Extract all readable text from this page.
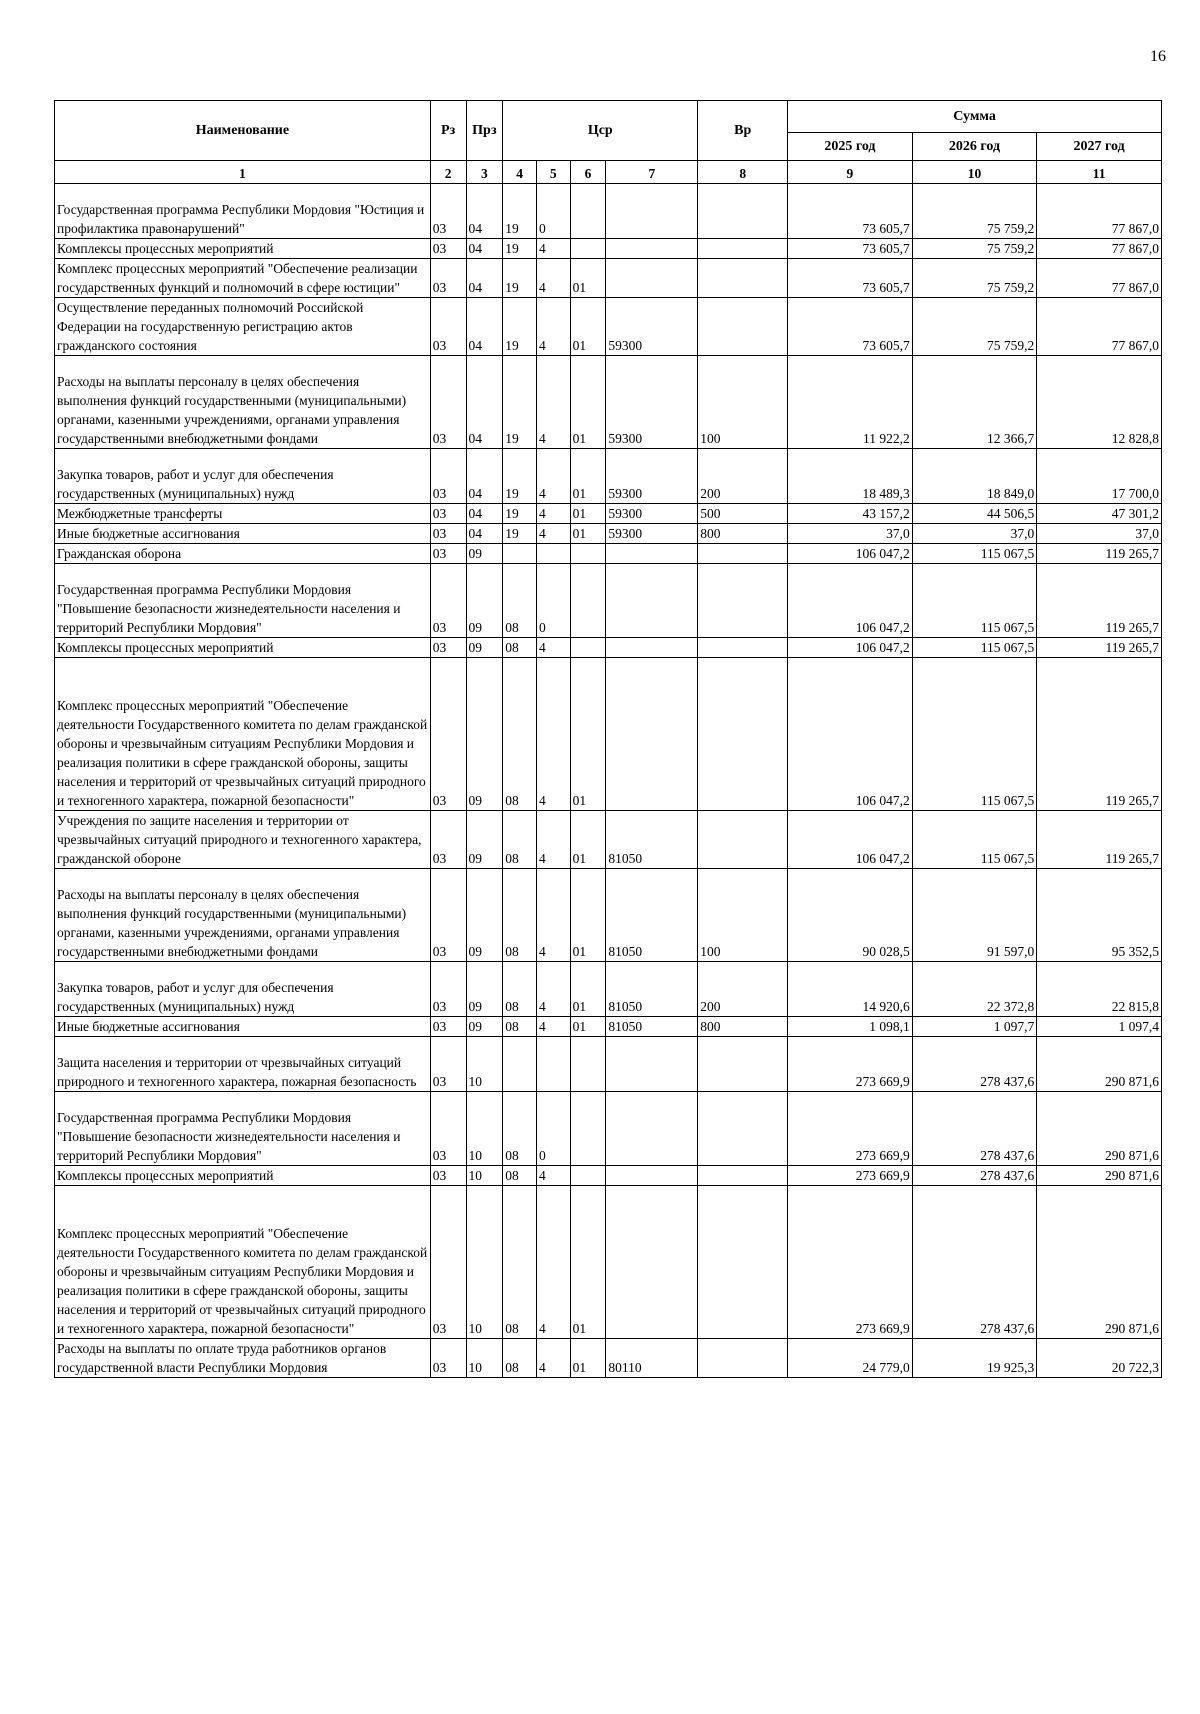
16
Наименование	Рз	Прз	Цср				Вр	Сумма		
								2025 год	2026 год	2027 год
1	2	3	4	5	6	7	8	9	10	11
Государственная программа Республики Мордовия "Юстиция и профилактика правонарушений"	03	04	19	0				73 605,7	75 759,2	77 867,0
Комплексы процессных мероприятий	03	04	19	4				73 605,7	75 759,2	77 867,0
Комплекс процессных мероприятий "Обеспечение реализации государственных функций и полномочий в сфере юстиции"	03	04	19	4	01			73 605,7	75 759,2	77 867,0
Осуществление переданных полномочий Российской Федерации на государственную регистрацию актов гражданского состояния	03	04	19	4	01	59300		73 605,7	75 759,2	77 867,0
Расходы на выплаты персоналу в целях обеспечения выполнения функций государственными (муниципальными) органами, казенными учреждениями, органами управления государственными внебюджетными фондами	03	04	19	4	01	59300	100	11 922,2	12 366,7	12 828,8
Закупка товаров, работ и услуг для обеспечения государственных (муниципальных) нужд	03	04	19	4	01	59300	200	18 489,3	18 849,0	17 700,0
Межбюджетные трансферты	03	04	19	4	01	59300	500	43 157,2	44 506,5	47 301,2
Иные бюджетные ассигнования	03	04	19	4	01	59300	800	37,0	37,0	37,0
Гражданская оборона	03	09						106 047,2	115 067,5	119 265,7
Государственная программа Республики Мордовия "Повышение безопасности жизнедеятельности населения и территорий Республики Мордовия"	03	09	08	0				106 047,2	115 067,5	119 265,7
Комплексы процессных мероприятий	03	09	08	4				106 047,2	115 067,5	119 265,7
Комплекс процессных мероприятий "Обеспечение деятельности Государственного комитета по делам гражданской обороны и чрезвычайным ситуациям Республики Мордовия и реализация политики в сфере гражданской обороны, защиты населения и территорий от чрезвычайных ситуаций природного и техногенного характера, пожарной безопасности"	03	09	08	4	01			106 047,2	115 067,5	119 265,7
Учреждения по защите населения и территории от чрезвычайных ситуаций природного и техногенного характера, гражданской обороне	03	09	08	4	01	81050		106 047,2	115 067,5	119 265,7
Расходы на выплаты персоналу в целях обеспечения выполнения функций государственными (муниципальными) органами, казенными учреждениями, органами управления государственными внебюджетными фондами	03	09	08	4	01	81050	100	90 028,5	91 597,0	95 352,5
Закупка товаров, работ и услуг для обеспечения государственных (муниципальных) нужд	03	09	08	4	01	81050	200	14 920,6	22 372,8	22 815,8
Иные бюджетные ассигнования	03	09	08	4	01	81050	800	1 098,1	1 097,7	1 097,4
Защита населения и территории от чрезвычайных ситуаций природного и техногенного характера, пожарная безопасность	03	10						273 669,9	278 437,6	290 871,6
Государственная программа Республики Мордовия "Повышение безопасности жизнедеятельности населения и территорий Республики Мордовия"	03	10	08	0				273 669,9	278 437,6	290 871,6
Комплексы процессных мероприятий	03	10	08	4				273 669,9	278 437,6	290 871,6
Комплекс процессных мероприятий "Обеспечение деятельности Государственного комитета по делам гражданской обороны и чрезвычайным ситуациям Республики Мордовия и реализация политики в сфере гражданской обороны, защиты населения и территорий от чрезвычайных ситуаций природного и техногенного характера, пожарной безопасности"	03	10	08	4	01			273 669,9	278 437,6	290 871,6
Расходы на выплаты по оплате труда работников органов государственной власти Республики Мордовия	03	10	08	4	01	80110		24 779,0	19 925,3	20 722,3
